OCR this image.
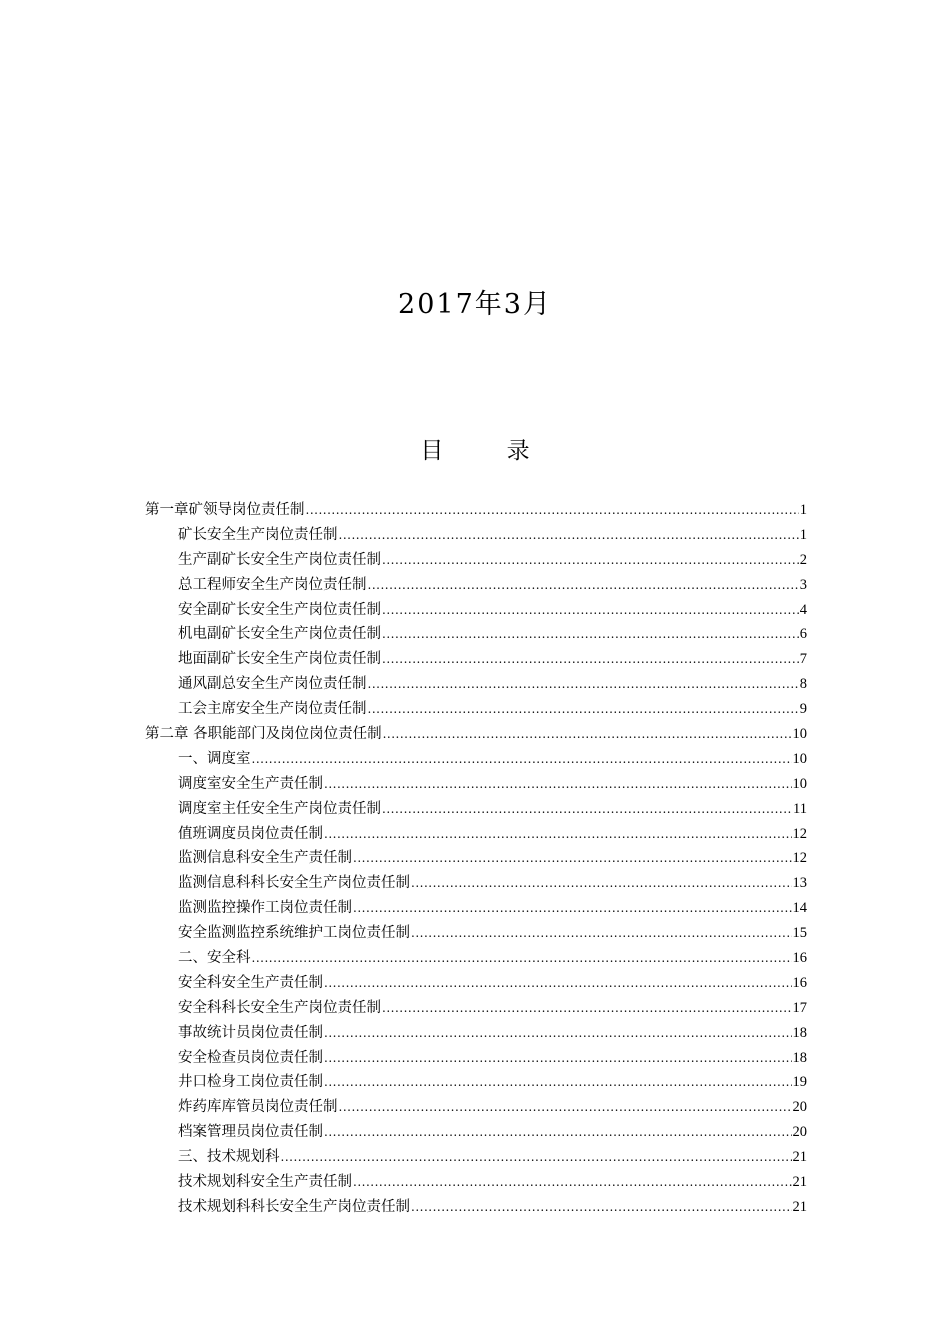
2017年3月
目 录
第一章矿领导岗位责任制 .....	1
矿长安全生产岗位责任制 .....	1
生产副矿长安全生产岗位责任制 .....	2
总工程师安全生产岗位责任制 .....	3
安全副矿长安全生产岗位责任制 .....	4
机电副矿长安全生产岗位责任制 .....	6
地面副矿长安全生产岗位责任制 .....	7
通风副总安全生产岗位责任制 .....	8
工会主席安全生产岗位责任制 .....	9
第二章 各职能部门及岗位岗位责任制 .....	10
一、调度室 .....	10
调度室安全生产责任制 .....	10
调度室主任安全生产岗位责任制 .....	11
值班调度员岗位责任制 .....	12
监测信息科安全生产责任制 .....	12
监测信息科科长安全生产岗位责任制 .....	13
监测监控操作工岗位责任制 .....	14
安全监测监控系统维护工岗位责任制 .....	15
二、安全科 .....	16
安全科安全生产责任制 .....	16
安全科科长安全生产岗位责任制 .....	17
事故统计员岗位责任制 .....	18
安全检查员岗位责任制 .....	18
井口检身工岗位责任制 .....	19
炸药库库管员岗位责任制 .....	20
档案管理员岗位责任制 .....	20
三、技术规划科 .....	21
技术规划科安全生产责任制 .....	21
技术规划科科长安全生产岗位责任制 .....	21
